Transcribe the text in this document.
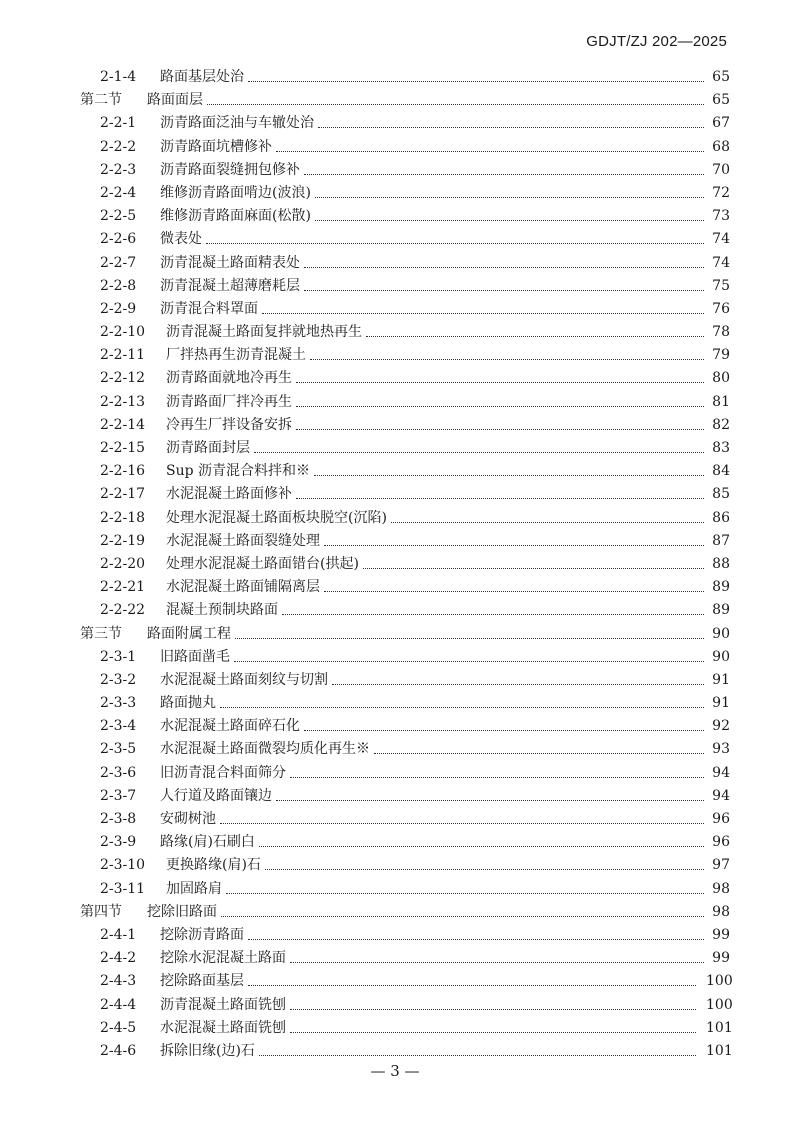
GDJT/ZJ 202—2025
2-1-4 路面基层处治	65
第二节 路面面层	65
2-2-1 沥青路面泛油与车辙处治	67
2-2-2 沥青路面坑槽修补	68
2-2-3 沥青路面裂缝拥包修补	70
2-2-4 维修沥青路面啃边(波浪)	72
2-2-5 维修沥青路面麻面(松散)	73
2-2-6 微表处	74
2-2-7 沥青混凝土路面精表处	74
2-2-8 沥青混凝土超薄磨耗层	75
2-2-9 沥青混合料罩面	76
2-2-10 沥青混凝土路面复拌就地热再生	78
2-2-11 厂拌热再生沥青混凝土	79
2-2-12 沥青路面就地冷再生	80
2-2-13 沥青路面厂拌冷再生	81
2-2-14 冷再生厂拌设备安拆	82
2-2-15 沥青路面封层	83
2-2-16 Sup 沥青混合料拌和※	84
2-2-17 水泥混凝土路面修补	85
2-2-18 处理水泥混凝土路面板块脱空(沉陷)	86
2-2-19 水泥混凝土路面裂缝处理	87
2-2-20 处理水泥混凝土路面错台(拱起)	88
2-2-21 水泥混凝土路面铺隔离层	89
2-2-22 混凝土预制块路面	89
第三节 路面附属工程	90
2-3-1 旧路面凿毛	90
2-3-2 水泥混凝土路面刻纹与切割	91
2-3-3 路面抛丸	91
2-3-4 水泥混凝土路面碎石化	92
2-3-5 水泥混凝土路面微裂均质化再生※	93
2-3-6 旧沥青混合料面筛分	94
2-3-7 人行道及路面镶边	94
2-3-8 安砌树池	96
2-3-9 路缘(肩)石刷白	96
2-3-10 更换路缘(肩)石	97
2-3-11 加固路肩	98
第四节 挖除旧路面	98
2-4-1 挖除沥青路面	99
2-4-2 挖除水泥混凝土路面	99
2-4-3 挖除路面基层	100
2-4-4 沥青混凝土路面铣刨	100
2-4-5 水泥混凝土路面铣刨	101
2-4-6 拆除旧缘(边)石	101
— 3 —
